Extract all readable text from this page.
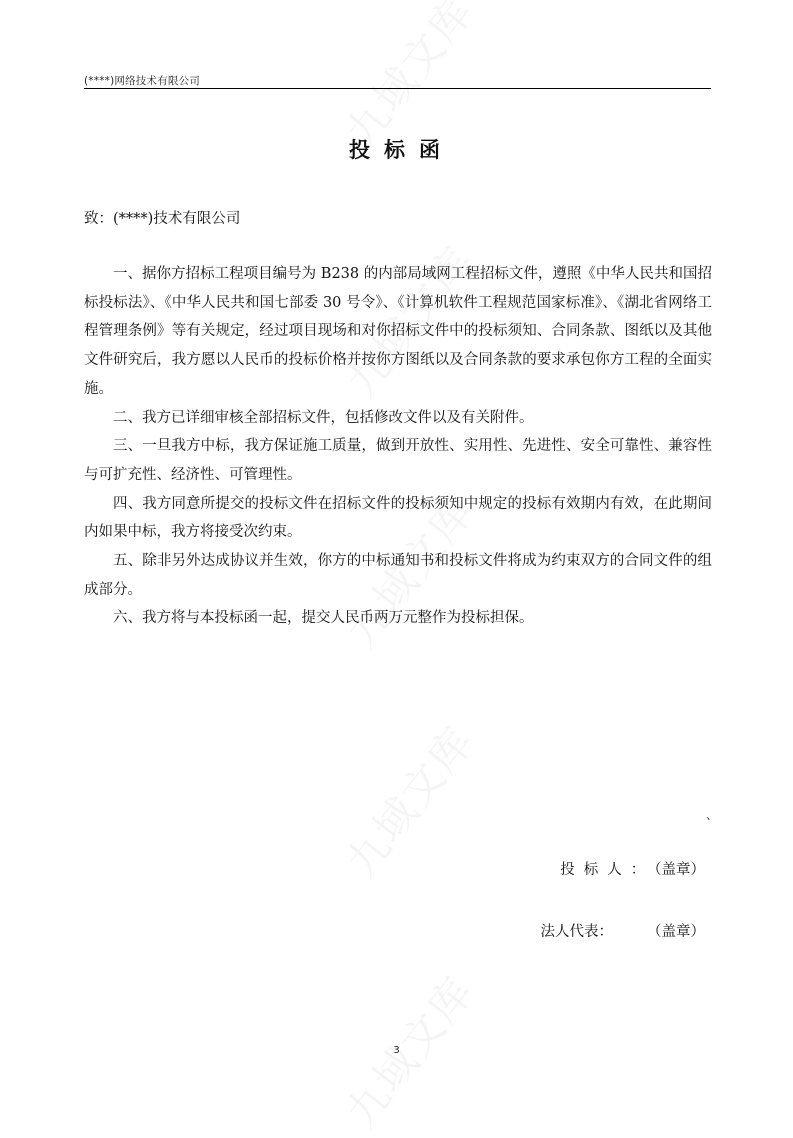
(****)网络技术有限公司
投标函
致：(****)技术有限公司

一、据你方招标工程项目编号为 B238 的内部局域网工程招标文件，遵照《中华人民共和国招标投标法》、《中华人民共和国七部委 30 号令》、《计算机软件工程规范国家标准》、《湖北省网络工程管理条例》等有关规定，经过项目现场和对你招标文件中的投标须知、合同条款、图纸以及其他文件研究后，我方愿以人民币的投标价格并按你方图纸以及合同条款的要求承包你方工程的全面实施。

二、我方已详细审核全部招标文件，包括修改文件以及有关附件。

三、一旦我方中标，我方保证施工质量，做到开放性、实用性、先进性、安全可靠性、兼容性与可扩充性、经济性、可管理性。

四、我方同意所提交的投标文件在招标文件的投标须知中规定的投标有效期内有效，在此期间内如果中标，我方将接受次约束。

五、除非另外达成协议并生效，你方的中标通知书和投标文件将成为约束双方的合同文件的组成部分。

六、我方将与本投标函一起，提交人民币两万元整作为投标担保。

、
投标人：（盖章）
法人代表： （盖章）
3
